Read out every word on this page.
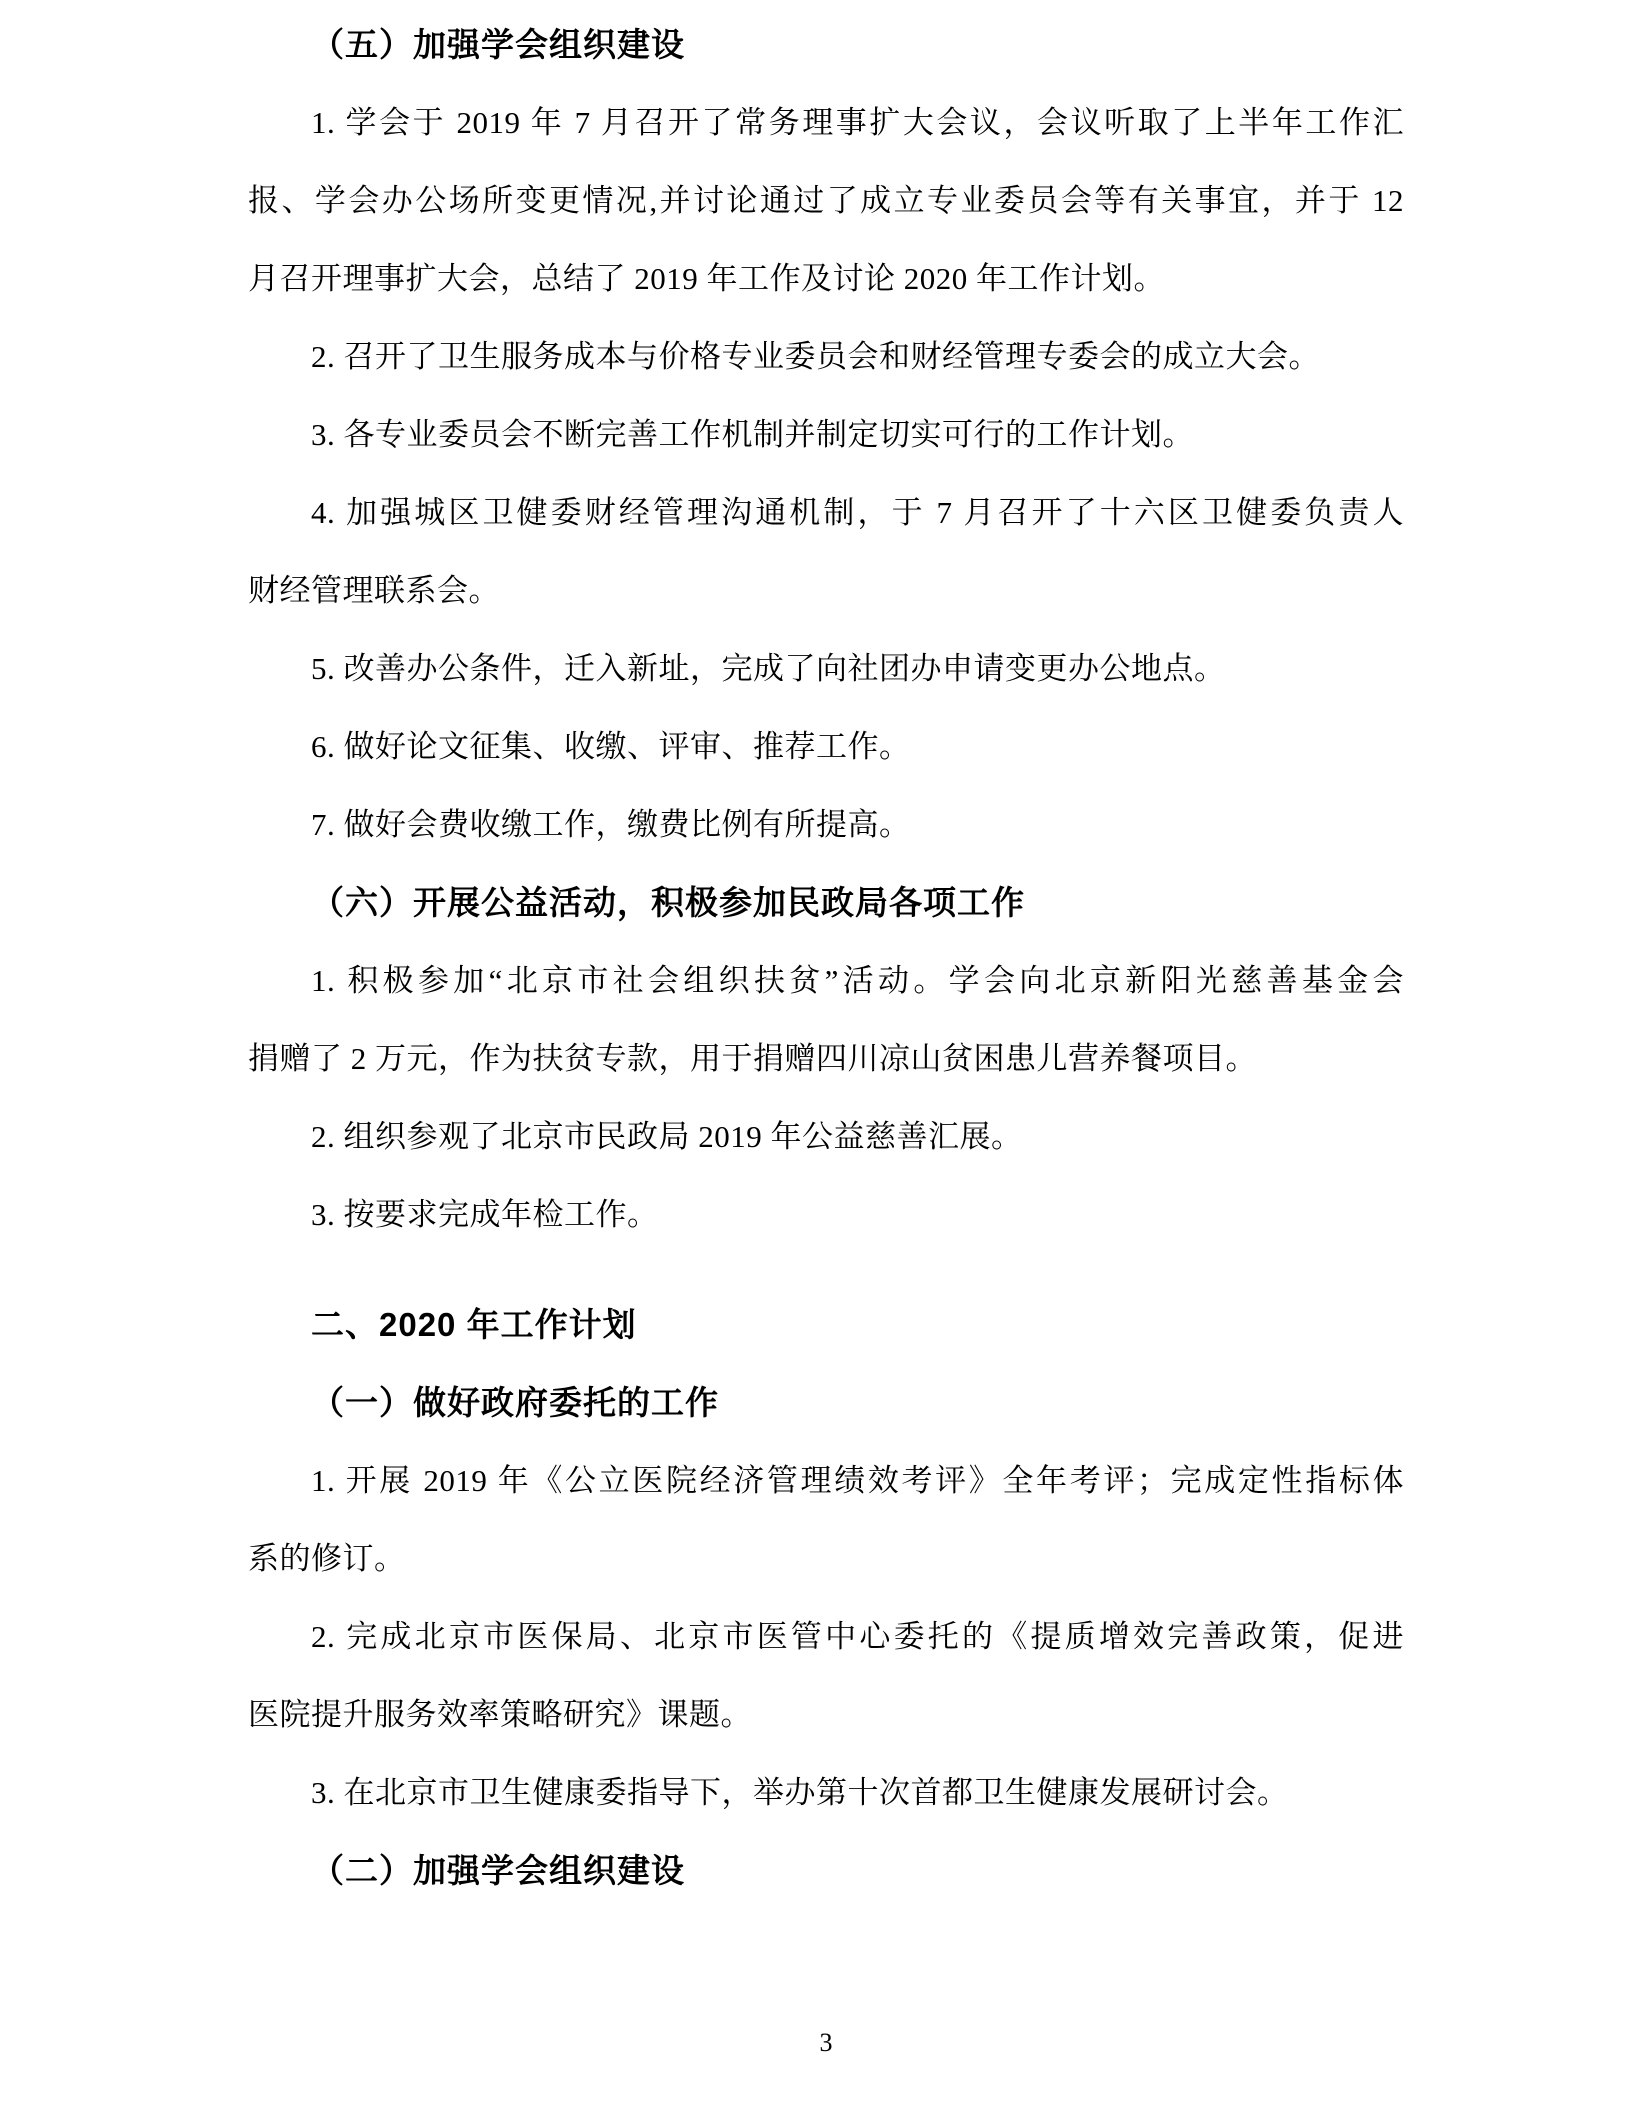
（五）加强学会组织建设
1. 学会于 2019 年 7 月召开了常务理事扩大会议，会议听取了上半年工作汇
报、学会办公场所变更情况,并讨论通过了成立专业委员会等有关事宜，并于 12
月召开理事扩大会，总结了 2019 年工作及讨论 2020 年工作计划。
2. 召开了卫生服务成本与价格专业委员会和财经管理专委会的成立大会。
3. 各专业委员会不断完善工作机制并制定切实可行的工作计划。
4. 加强城区卫健委财经管理沟通机制，于 7 月召开了十六区卫健委负责人
财经管理联系会。
5. 改善办公条件，迁入新址，完成了向社团办申请变更办公地点。
6. 做好论文征集、收缴、评审、推荐工作。
7. 做好会费收缴工作，缴费比例有所提高。
（六）开展公益活动，积极参加民政局各项工作
1. 积极参加“北京市社会组织扶贫”活动。学会向北京新阳光慈善基金会
捐赠了 2 万元，作为扶贫专款，用于捐赠四川凉山贫困患儿营养餐项目。
2. 组织参观了北京市民政局 2019 年公益慈善汇展。
3. 按要求完成年检工作。
二、2020 年工作计划
（一）做好政府委托的工作
1. 开展 2019 年《公立医院经济管理绩效考评》全年考评；完成定性指标体
系的修订。
2. 完成北京市医保局、北京市医管中心委托的《提质增效完善政策，促进
医院提升服务效率策略研究》课题。
3. 在北京市卫生健康委指导下，举办第十次首都卫生健康发展研讨会。
（二）加强学会组织建设
3
